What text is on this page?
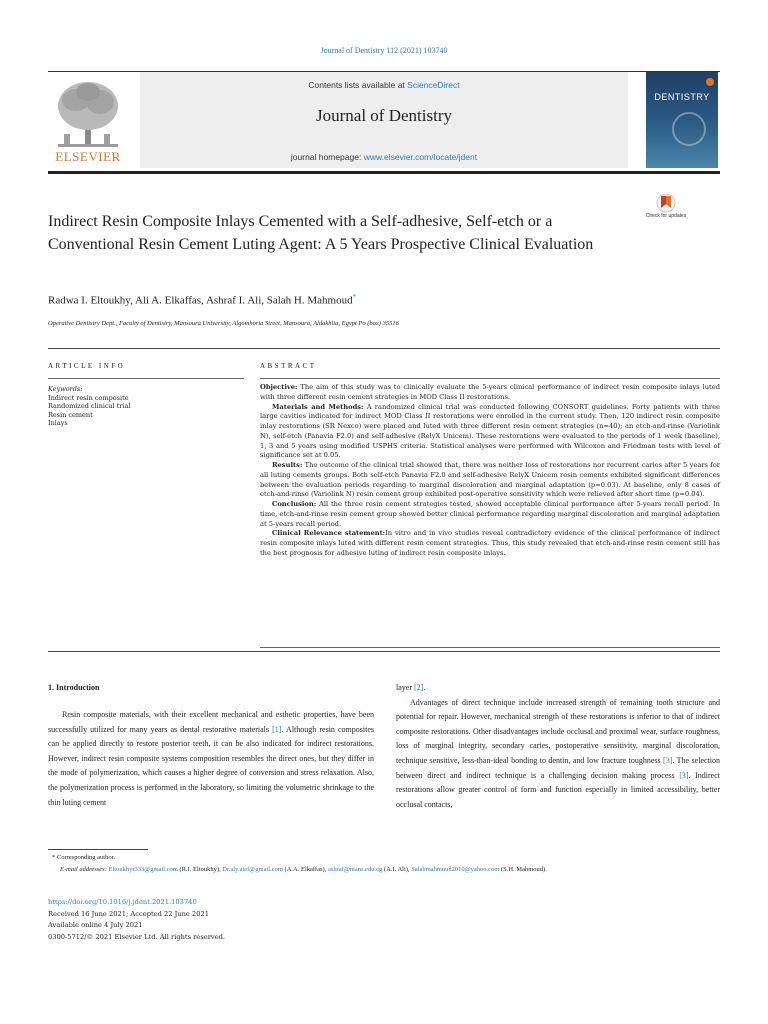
Journal of Dentistry 112 (2021) 103740
ELSEVIER
Contents lists available at ScienceDirect
Journal of Dentistry
journal homepage: www.elsevier.com/locate/jdent
DENTISTRY
Indirect Resin Composite Inlays Cemented with a Self-adhesive, Self-etch or a Conventional Resin Cement Luting Agent: A 5 Years Prospective Clinical Evaluation
Check for updates
Radwa I. Eltoukhy, Ali A. Elkaffas, Ashraf I. Ali, Salah H. Mahmoud*
Operative Dentistry Dept., Faculty of Dentistry, Mansoura University, Algomhoria Street, Mansoura, Aldakhlia, Egypt Po (box) 35516
ARTICLE INFO	ABSTRACT
Keywords:
Indirect resin composite
Randomized clinical trial
Resin cement
Inlays

Objective: The aim of this study was to clinically evaluate the 5-years clinical performance of indirect resin composite inlays luted with three different resin cement strategies in MOD Class II restorations.

Materials and Methods: A randomized clinical trial was conducted following CONSORT guidelines. Forty patients with three large cavities indicated for indirect MOD Class II restorations were enrolled in the current study. Then, 120 indirect resin composite inlay restorations (SR Nexco) were placed and luted with three different resin cement strategies (n=40); an etch-and-rinse (Variolink N), self-etch (Panavia F2.0) and self-adhesive (RelyX Unicem). These restorations were evaluated to the periods of 1 week (baseline), 1, 3 and 5 years using modified USPHS criteria. Statistical analyses were performed with Wilcoxon and Friedman tests with level of significance set at 0.05.

Results: The outcome of the clinical trial showed that, there was neither loss of restorations nor recurrent caries after 5 years for all luting cements groups. Both self-etch Panavia F2.0 and self-adhesive RelyX Unicem resin cements exhibited significant differences between the evaluation periods regarding to marginal discoloration and marginal adaptation (p=0.03). At baseline, only 8 cases of etch-and-rinse (Variolink N) resin cement group exhibited post-operative sensitivity which were relieved after short time (p=0.04).

Conclusion: All the three resin cement strategies tested, showed acceptable clinical performance after 5-years recall period. In time, etch-and-rinse resin cement group showed better clinical performance regarding marginal discoloration and marginal adaptation at 5-years recall period.

Clinical Relevance statement:In vitro and in vivo studies reveal contradictory evidence of the clinical performance of indirect resin composite inlays luted with different resin cement strategies. Thus, this study revealed that etch-and-rinse resin cement still has the best prognosis for adhesive luting of indirect resin composite inlays.

1. Introduction

Resin composite materials, with their excellent mechanical and esthetic properties, have been successfully utilized for many years as dental restorative materials [1]. Although resin composites can be applied directly to restore posterior teeth, it can be also indicated for indirect restorations. However, indirect resin composite systems composition resembles the direct ones, but they differ in the mode of polymerization, which causes a higher degree of conversion and stress relaxation. Also, the polymerization process is performed in the laboratory, so limiting the volumetric shrinkage to the thin luting cement

layer [2].

Advantages of direct technique include increased strength of remaining tooth structure and potential for repair. However, mechanical strength of these restorations is inferior to that of indirect composite restorations. Other disadvantages include occlusal and proximal wear, surface roughness, loss of marginal integrity, secondary caries, postoperative sensitivity, marginal discoloration, technique sensitive, less-than-ideal bonding to dentin, and low fracture toughness [3]. The selection between direct and indirect technique is a challenging decision making process [3]. Indirect restorations allow greater control of form and function especially in limited accessibility, better occlusal contacts,

* Corresponding author.
E-mail addresses: Eltoukhyr333@gmail.com (R.I. Eltoukhy), Dr.aly.atef@gmail.com (A.A. Elkaffas), ashraf@mans.edu.eg (A.I. Ali), Salahmahmoud2010@yahoo.com (S.H. Mahmoud).
https://doi.org/10.1016/j.jdent.2021.103740
Received 16 June 2021; Accepted 22 June 2021
Available online 4 July 2021
0300-5712/© 2021 Elsevier Ltd. All rights reserved.
